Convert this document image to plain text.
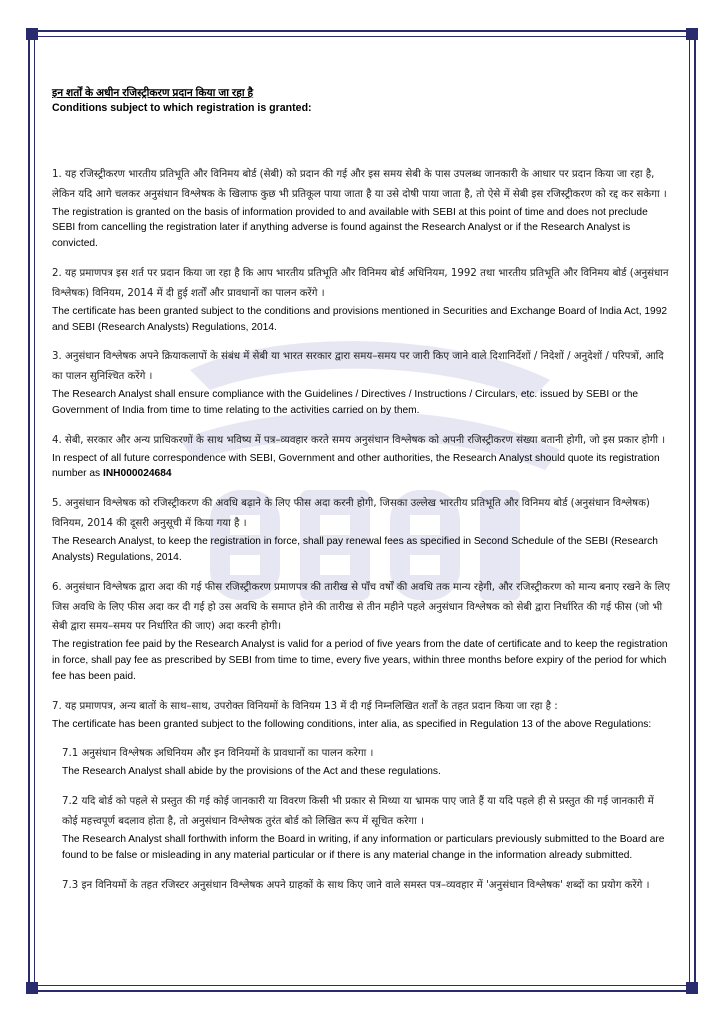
इन शर्तों के अधीन रजिस्ट्रीकरण प्रदान किया जा रहा है

Conditions subject to which registration is granted:

1. यह रजिस्ट्रीकरण भारतीय प्रतिभूति और विनिमय बोर्ड (सेबी) को प्रदान की गई और इस समय सेबी के पास उपलब्ध जानकारी के आधार पर प्रदान किया जा रहा है, लेकिन यदि आगे चलकर अनुसंधान विश्लेषक के खिलाफ कुछ भी प्रतिकूल पाया जाता है या उसे दोषी पाया जाता है, तो ऐसे में सेबी इस रजिस्ट्रीकरण को रद्द कर सकेगा ।
The registration is granted on the basis of information provided to and available with SEBI at this point of time and does not preclude SEBI from cancelling the registration later if anything adverse is found against the Research Analyst or if the Research Analyst is convicted.
2. यह प्रमाणपत्र इस शर्त पर प्रदान किया जा रहा है कि आप भारतीय प्रतिभूति और विनिमय बोर्ड अधिनियम, 1992 तथा भारतीय प्रतिभूति और विनिमय बोर्ड (अनुसंधान विश्लेषक) विनियम, 2014 में दी हुई शर्तों और प्रावधानों का पालन करेंगे ।
The certificate has been granted subject to the conditions and provisions mentioned in Securities and Exchange Board of India Act, 1992 and SEBI (Research Analysts) Regulations, 2014.
3. अनुसंधान विश्लेषक अपने क्रियाकलापों के संबंध में सेबी या भारत सरकार द्वारा समय–समय पर जारी किए जाने वाले दिशानिर्देशों / निदेशों / अनुदेशों / परिपत्रों, आदि का पालन सुनिश्चित करेंगे ।
The Research Analyst shall ensure compliance with the Guidelines / Directives / Instructions / Circulars, etc. issued by SEBI or the Government of India from time to time relating to the activities carried on by them.
4. सेबी, सरकार और अन्य प्राधिकरणों के साथ भविष्य में पत्र–व्यवहार करते समय अनुसंधान विश्लेषक को अपनी रजिस्ट्रीकरण संख्या बतानी होगी, जो इस प्रकार होगी ।
In respect of all future correspondence with SEBI, Government and other authorities, the Research Analyst should quote its registration number as INH000024684
5. अनुसंधान विश्लेषक को रजिस्ट्रीकरण की अवधि बढ़ाने के लिए फीस अदा करनी होगी, जिसका उल्लेख भारतीय प्रतिभूति और विनिमय बोर्ड (अनुसंधान विश्लेषक) विनियम, 2014 की दूसरी अनुसूची में किया गया है ।
The Research Analyst, to keep the registration in force, shall pay renewal fees as specified in Second Schedule of the SEBI (Research Analysts) Regulations, 2014.
6. अनुसंधान विश्लेषक द्वारा अदा की गई फीस रजिस्ट्रीकरण प्रमाणपत्र की तारीख से पाँच वर्षों की अवधि तक मान्य रहेगी, और रजिस्ट्रीकरण को मान्य बनाए रखने के लिए जिस अवधि के लिए फीस अदा कर दी गई हो उस अवधि के समाप्त होने की तारीख से तीन महीने पहले अनुसंधान विश्लेषक को सेबी द्वारा निर्धारित की गई फीस (जो भी सेबी द्वारा समय–समय पर निर्धारित की जाए) अदा करनी होगी।
The registration fee paid by the Research Analyst is valid for a period of five years from the date of certificate and to keep the registration in force, shall pay fee as prescribed by SEBI from time to time, every five years, within three months before expiry of the period for which fee has been paid.
7. यह प्रमाणपत्र, अन्य बातों के साथ–साथ, उपरोक्त विनियमों के विनियम 13 में दी गई निम्नलिखित शर्तों के तहत प्रदान किया जा रहा है :
The certificate has been granted subject to the following conditions, inter alia, as specified in Regulation 13 of the above Regulations:
7.1 अनुसंधान विश्लेषक अधिनियम और इन विनियमों के प्रावधानों का पालन करेगा ।
The Research Analyst shall abide by the provisions of the Act and these regulations.
7.2 यदि बोर्ड को पहले से प्रस्तुत की गई कोई जानकारी या विवरण किसी भी प्रकार से मिथ्या या भ्रामक पाए जाते हैं या यदि पहले ही से प्रस्तुत की गई जानकारी में कोई महत्त्वपूर्ण बदलाव होता है, तो अनुसंधान विश्लेषक तुरंत बोर्ड को लिखित रूप में सूचित करेगा ।
The Research Analyst shall forthwith inform the Board in writing, if any information or particulars previously submitted to the Board are found to be false or misleading in any material particular or if there is any material change in the information already submitted.
7.3 इन विनियमों के तहत रजिस्टर अनुसंधान विश्लेषक अपने ग्राहकों के साथ किए जाने वाले समस्त पत्र–व्यवहार में 'अनुसंधान विश्लेषक' शब्दों का प्रयोग करेंगे ।
